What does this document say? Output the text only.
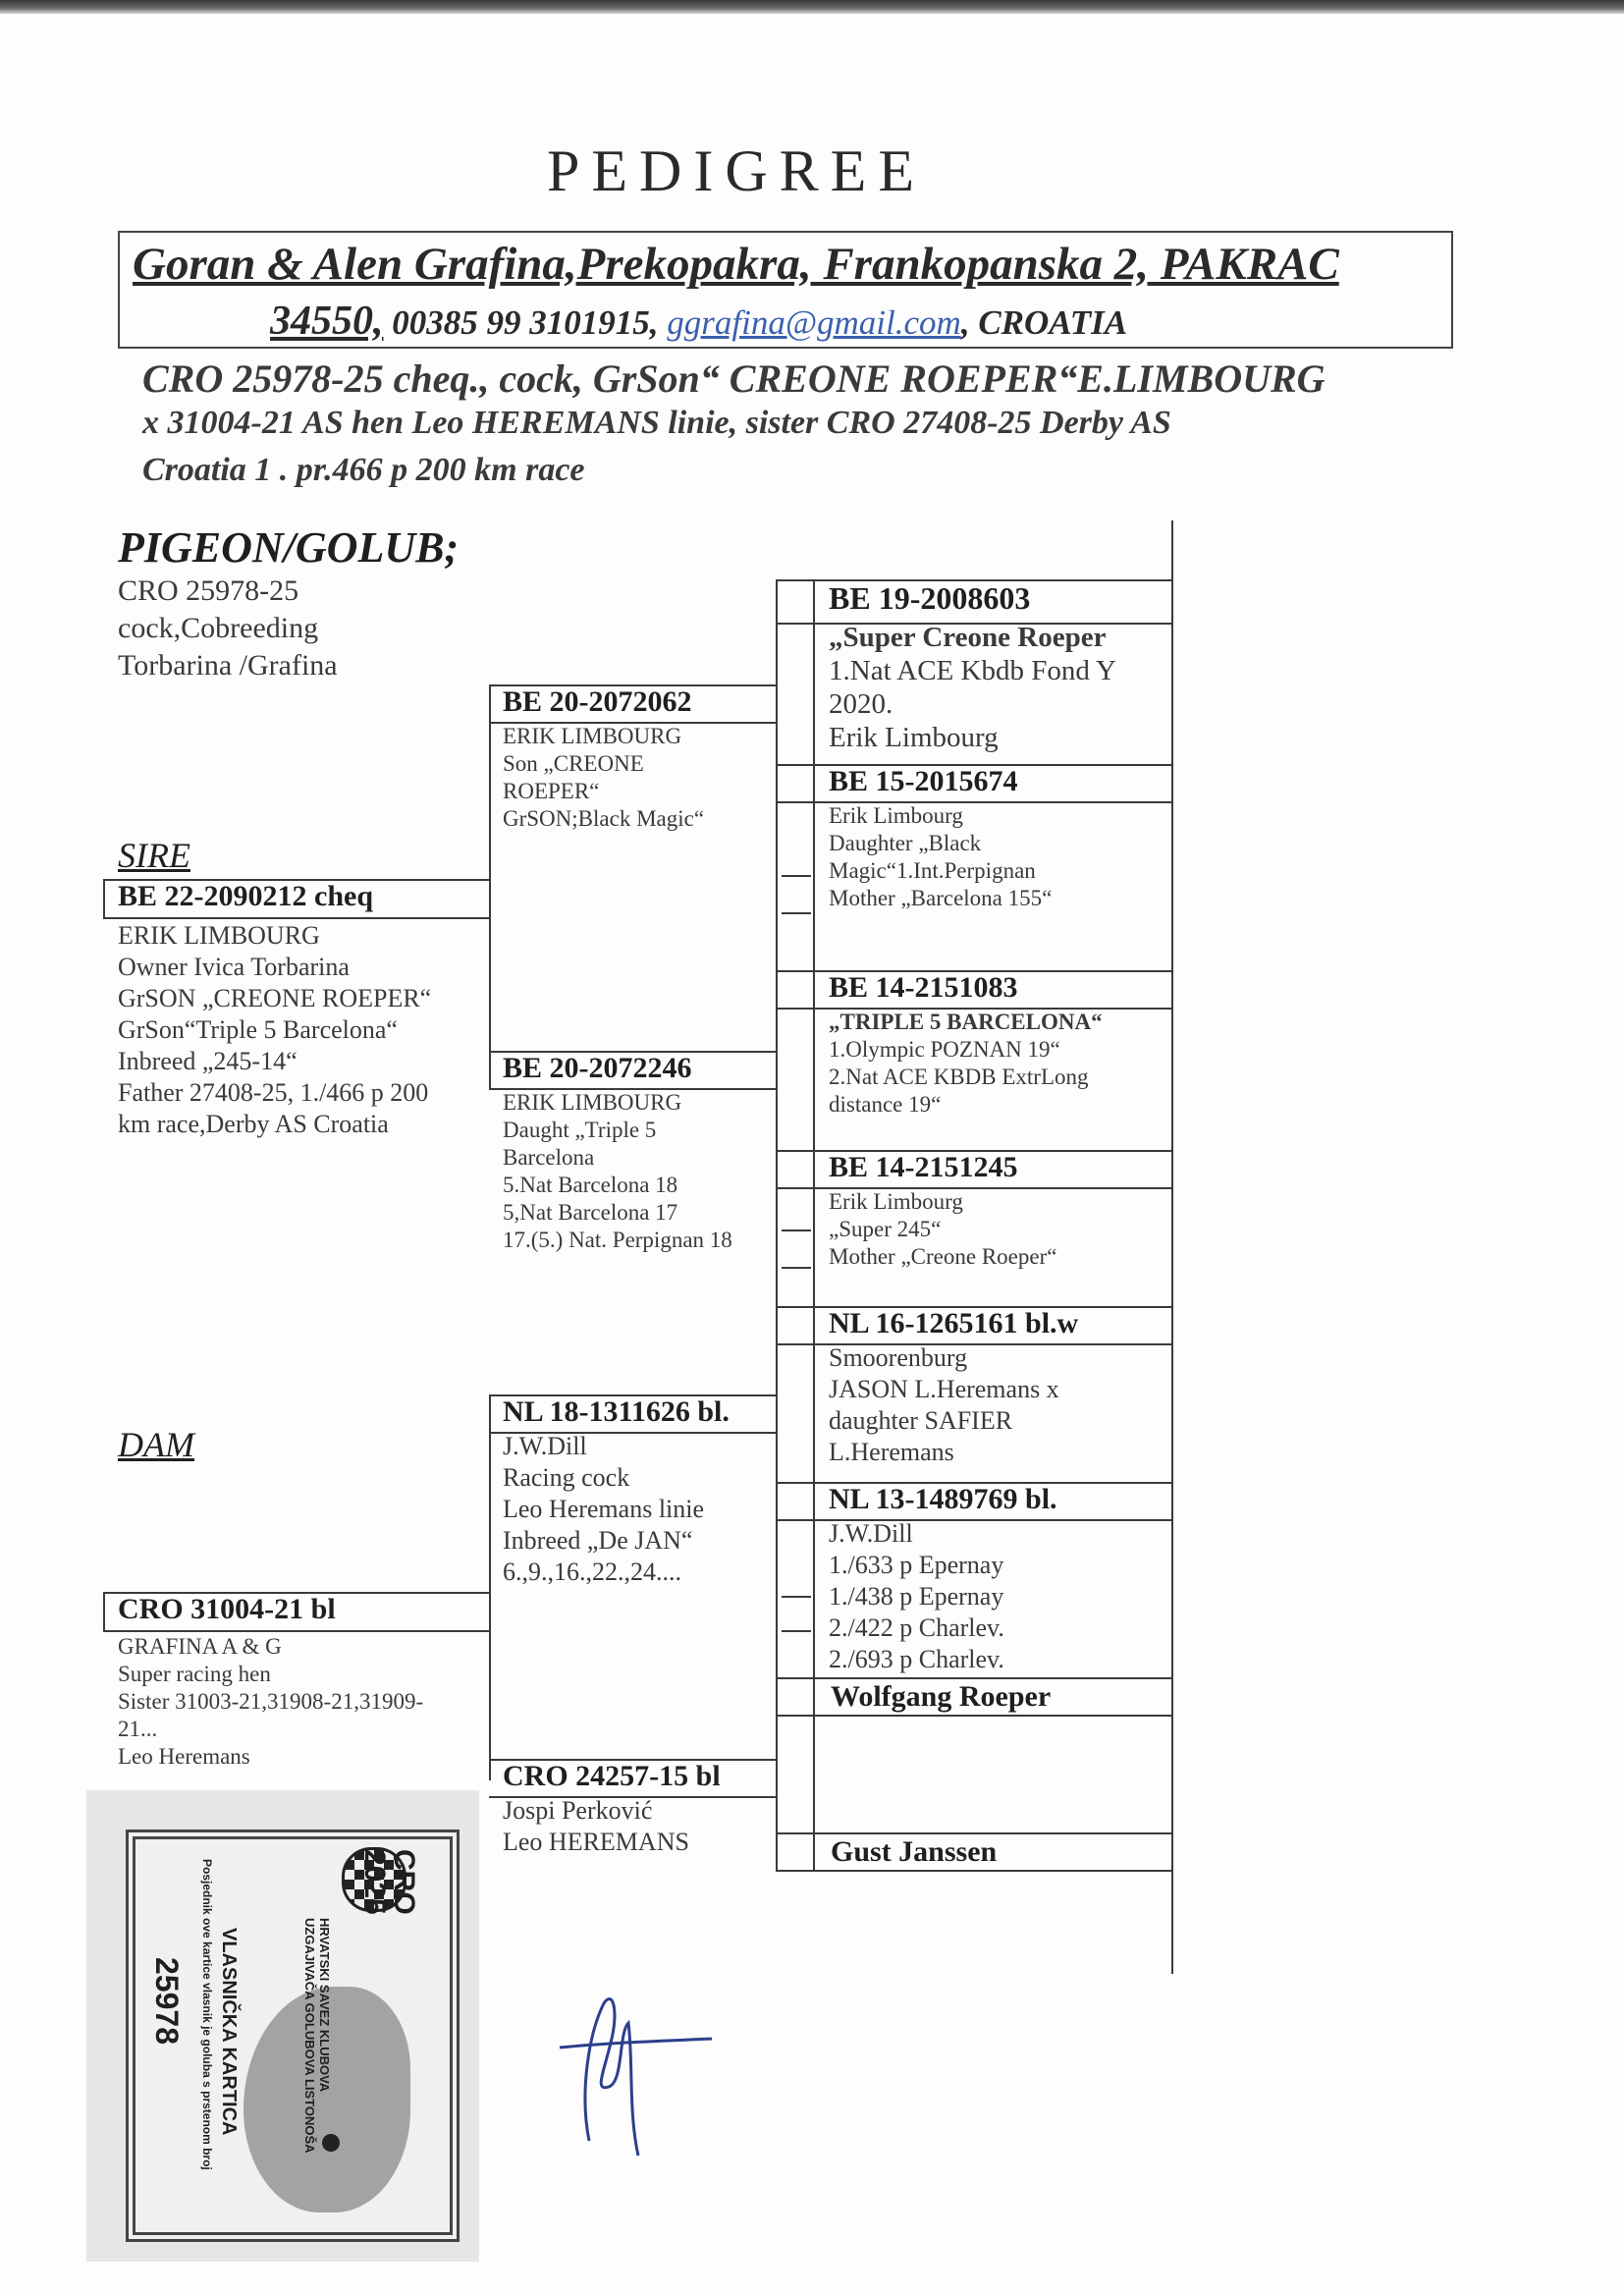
PEDIGREE
Goran & Alen Grafina,Prekopakra, Frankopanska 2, PAKRAC
34550, 00385 99 3101915, ggrafina@gmail.com, CROATIA
CRO 25978-25 cheq., cock, GrSon“ CREONE ROEPER“E.LIMBOURG
x 31004-21 AS hen Leo HEREMANS linie, sister CRO 27408-25 Derby AS
Croatia 1 . pr.466 p 200 km race
PIGEON/GOLUB;
CRO 25978-25
cock,Cobreeding
Torbarina /Grafina
SIRE
BE 22-2090212 cheq
ERIK LIMBOURG
Owner Ivica Torbarina
GrSON „CREONE ROEPER“
GrSon“Triple 5 Barcelona“
Inbreed „245-14“
Father 27408-25, 1./466 p 200
km race,Derby AS Croatia
DAM
CRO 31004-21 bl
GRAFINA A & G
Super racing hen
Sister 31003-21,31908-21,31909-
21...
Leo Heremans
BE 20-2072062
ERIK LIMBOURG
Son „CREONE
ROEPER“
GrSON;Black Magic“
BE 20-2072246
ERIK LIMBOURG
Daught „Triple 5
Barcelona
5.Nat Barcelona 18
5,Nat Barcelona 17
17.(5.) Nat. Perpignan 18
NL 18-1311626 bl.
J.W.Dill
Racing cock
Leo Heremans linie
Inbreed „De JAN“
6.,9.,16.,22.,24....
CRO 24257-15 bl
Jospi Perković
Leo HEREMANS
BE 19-2008603
„Super Creone Roeper
1.Nat ACE Kbdb Fond Y
2020.
Erik Limbourg
BE 15-2015674
Erik Limbourg
Daughter „Black
Magic“1.Int.Perpignan
Mother „Barcelona 155“
BE 14-2151083
„TRIPLE 5 BARCELONA“
1.Olympic POZNAN 19“
2.Nat ACE KBDB ExtrLong
distance 19“
BE 14-2151245
Erik Limbourg
„Super 245“
Mother „Creone Roeper“
NL 16-1265161 bl.w
Smoorenburg
JASON L.Heremans x
daughter SAFIER
L.Heremans
NL 13-1489769 bl.
J.W.Dill
1./633 p Epernay
1./438 p Epernay
2./422 p Charlev.
2./693 p Charlev.
Wolfgang Roeper
Gust Janssen
CRO
2025
HRVATSKI SAVEZ KLUBOVA UZGAJIVAČA GOLUBOVA LISTONOŠA
VLASNIČKA KARTICA
Posjednik ove kartice vlasnik je goluba s prstenom broj
25978
